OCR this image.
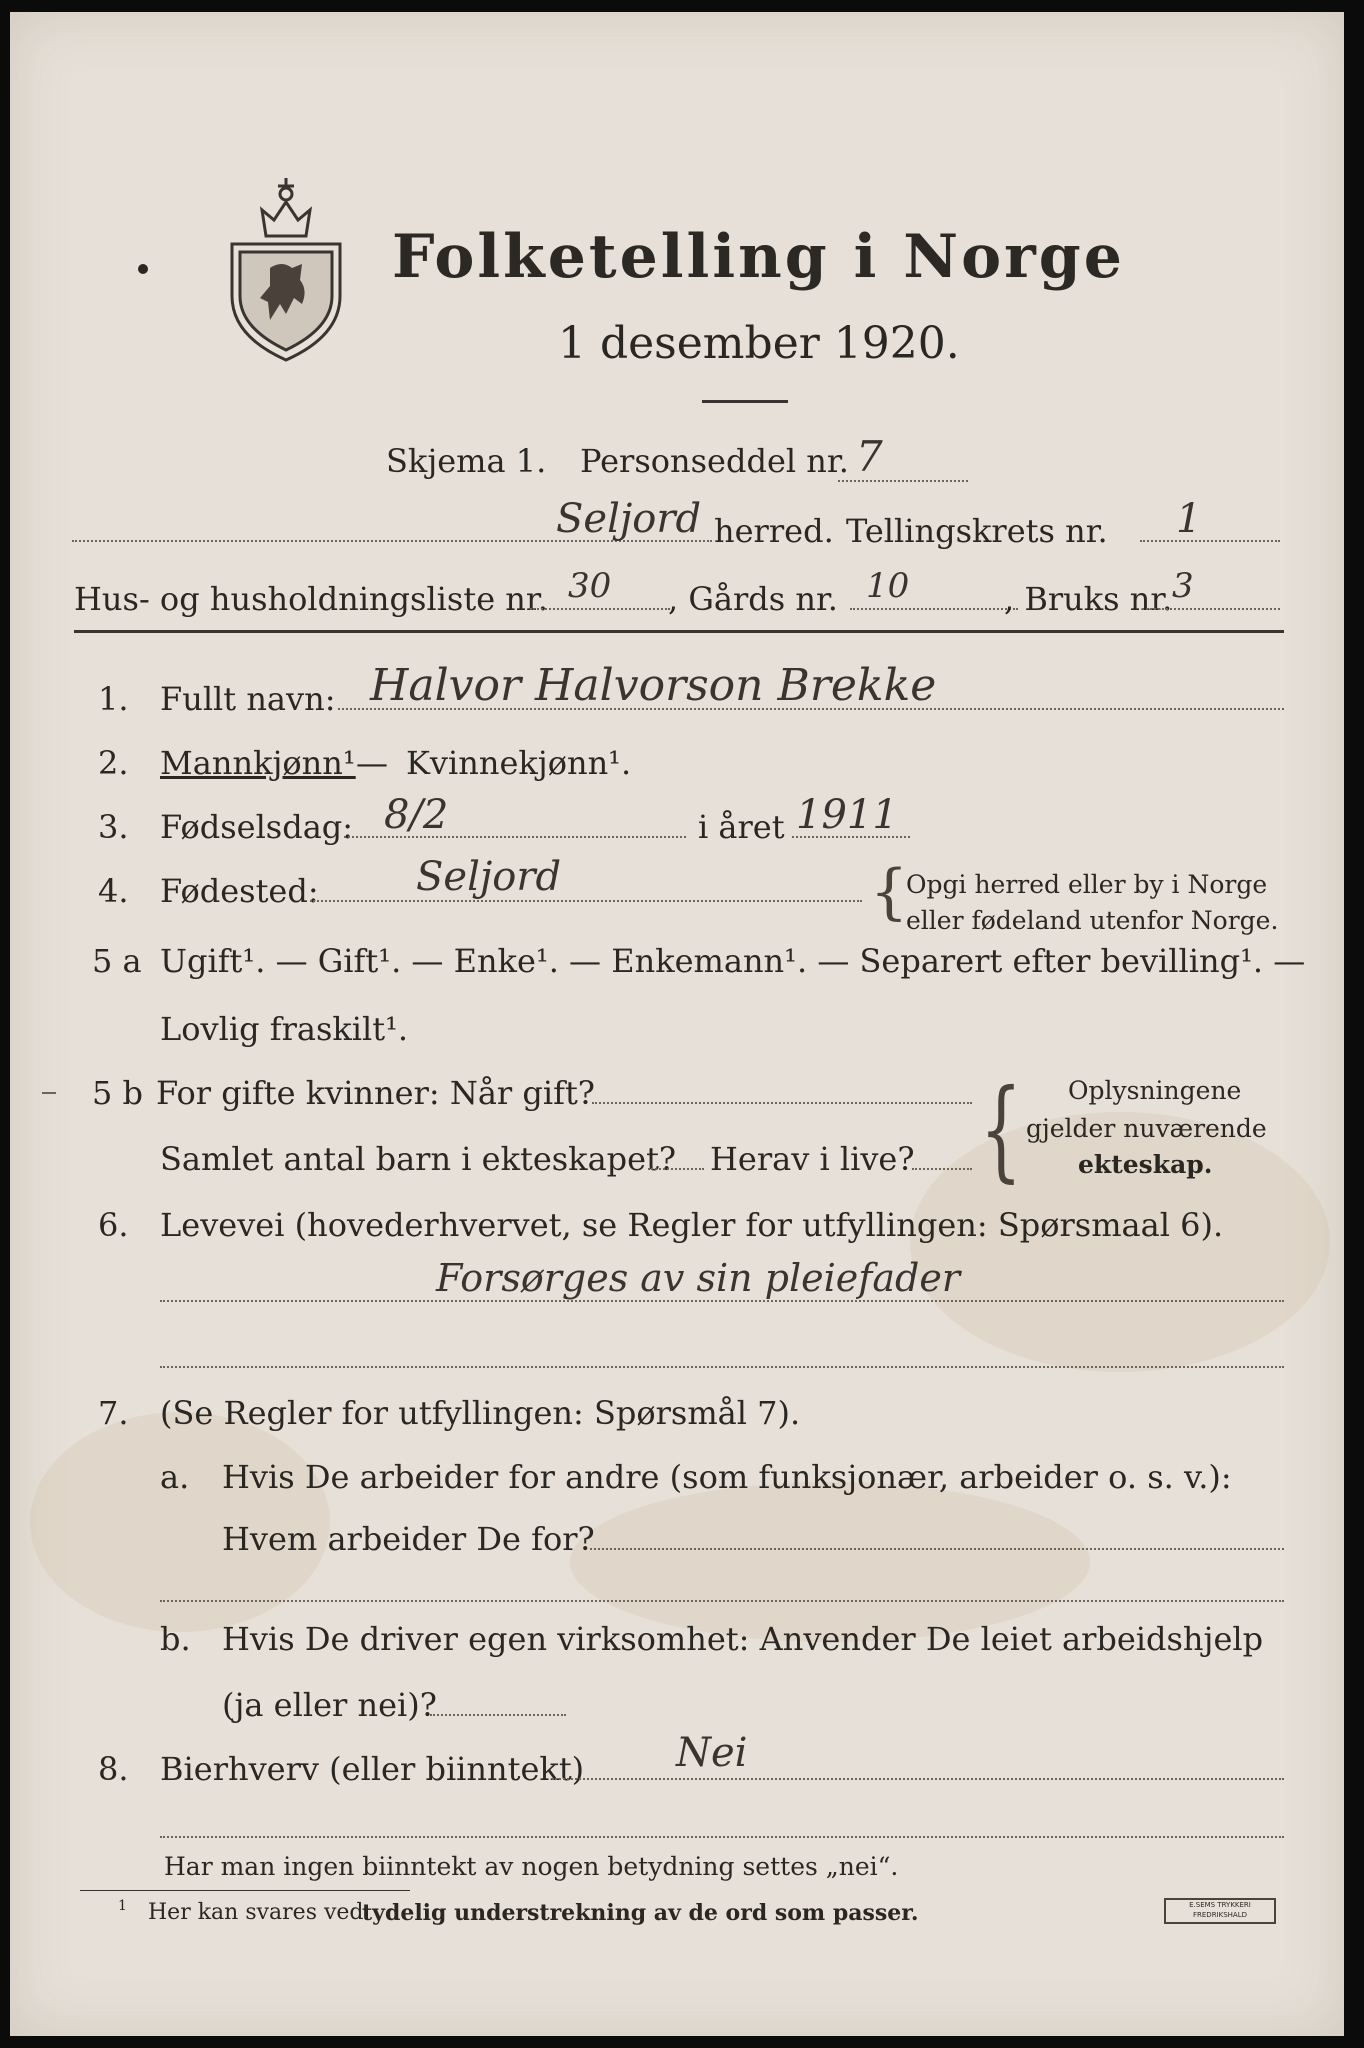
Folketelling i Norge
1 desember 1920.
Skjema 1. Personseddel nr. 7
Seljord herred. Tellingskrets nr. 1
Hus- og husholdningsliste nr. 30 , Gårds nr. 10	, Bruks nr. 3
1. Fullt navn: Halvor Halvorson Brekke
2. Mannkjønn¹ — Kvinnekjønn¹.
3. Fødselsdag: 8/2	i året 1911
4. Fødested: Seljord	{
Opgi herred eller by i Norge
eller fødeland utenfor Norge.
5 a Ugift¹. — Gift¹. — Enke¹. — Enkemann¹. — Separert efter bevilling¹. —
Lovlig fraskilt¹.
5 b For gifte kvinner: Når gift?
Samlet antal barn i ekteskapet? Herav i live? { Oplysningene
gjelder nuværende
ekteskap.
6. Levevei (hovederhvervet, se Regler for utfyllingen: Spørsmaal 6).
Forsørges av sin pleiefader
7. (Se Regler for utfyllingen: Spørsmål 7).
a. Hvis De arbeider for andre (som funksjonær, arbeider o. s. v.):
Hvem arbeider De for?
b. Hvis De driver egen virksomhet: Anvender De leiet arbeidshjelp
(ja eller nei)?
8. Bierhverv (eller biinntekt) Nei
Har man ingen biinntekt av nogen betydning settes „nei“.
1 Her kan svares ved
tydelig understrekning av de ord som passer.	E.SEMS TRYKKERI FREDRIKSHALD
